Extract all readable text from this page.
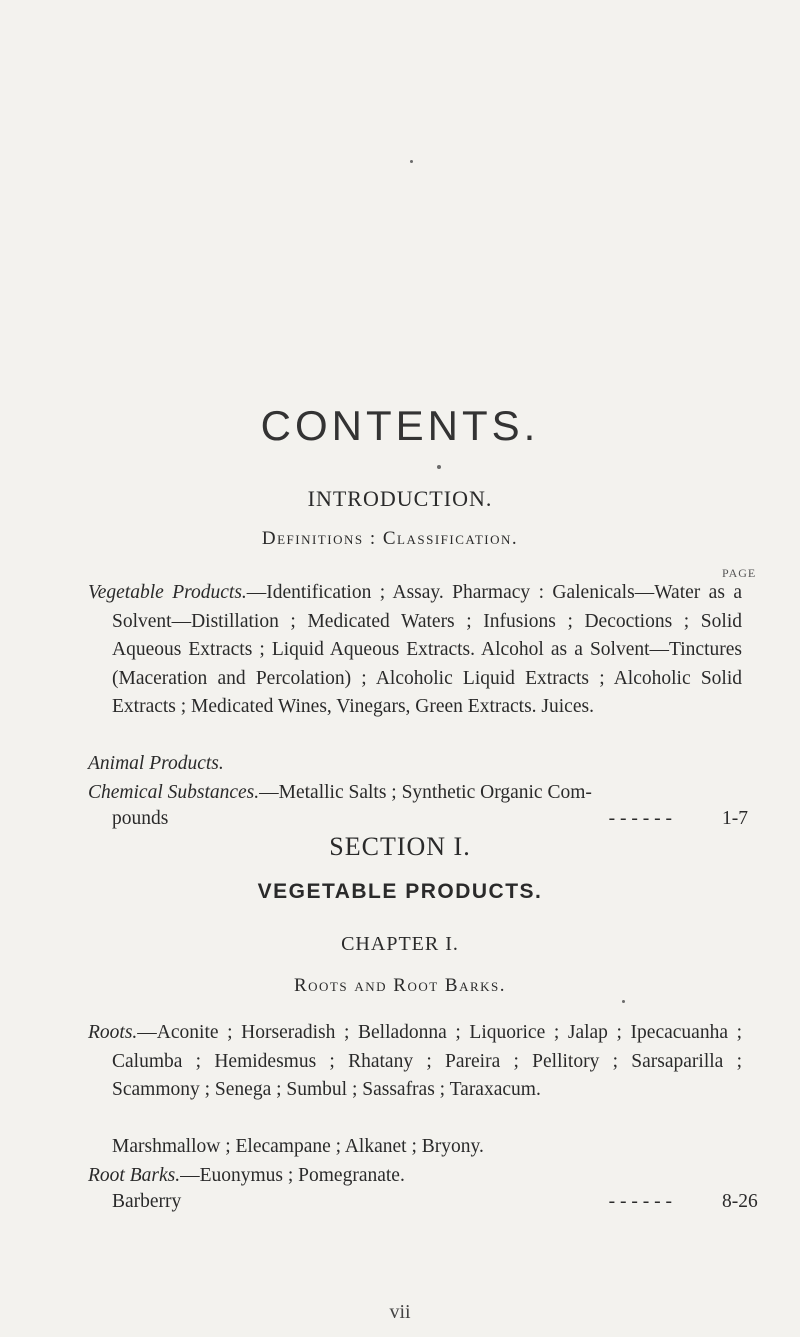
CONTENTS.
INTRODUCTION.
Definitions : Classification.
PAGE
Vegetable Products.—Identification ; Assay. Pharmacy : Galenicals—Water as a Solvent—Distillation ; Medicated Waters ; Infusions ; Decoctions ; Solid Aqueous Extracts ; Liquid Aqueous Extracts. Alcohol as a Solvent—Tinctures (Maceration and Percolation) ; Alcoholic Liquid Extracts ; Alcoholic Solid Extracts ; Medicated Wines, Vinegars, Green Extracts. Juices.
Animal Products.
Chemical Substances.—Metallic Salts ; Synthetic Organic Com-
pounds	- - - - - -	1-7
SECTION I.
VEGETABLE PRODUCTS.
CHAPTER I.
Roots and Root Barks.
Roots.—Aconite ; Horseradish ; Belladonna ; Liquorice ; Jalap ; Ipecacuanha ; Calumba ; Hemidesmus ; Rhatany ; Pareira ; Pellitory ; Sarsaparilla ; Scammony ; Senega ; Sumbul ; Sassafras ; Taraxacum.
Marshmallow ; Elecampane ; Alkanet ; Bryony.
Root Barks.—Euonymus ; Pomegranate.
Barberry	- - - - - -	8-26
vii
